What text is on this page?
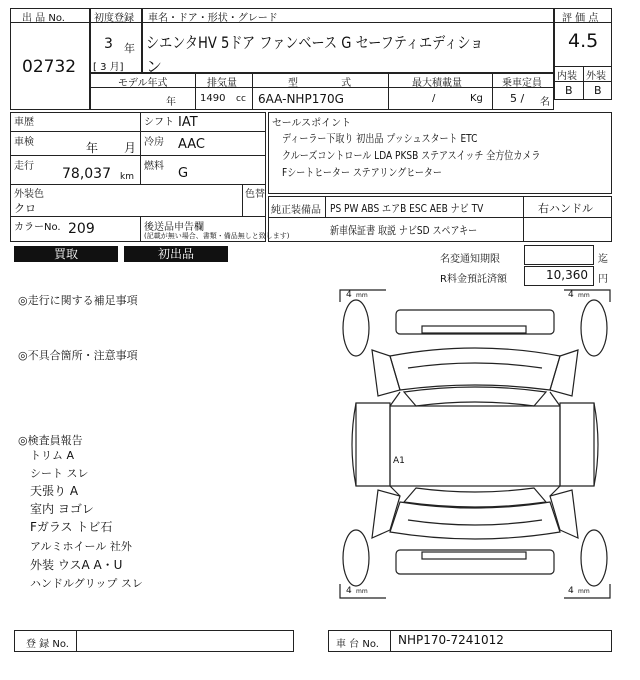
出 品 No.
02732
初度登録
3 年
[ 3 月]
車名・ドア・形状・グレード
シエンタHV 5ドア ファンベース G セーフティエディショ
ン
評 価 点
4.5
内装 外装
B B
モデル年式
年
排気量
1490 cc
型 式
6AA-NHP170G
最大積載量
/	Kg
乗車定員
5 / 名
車歴
車検	年 月
走行 78,037 km
シフト IAT
冷房 AAC
燃料 G
外装色
クロ
色替
カラーNo. 209	後送品申告欄
(記載が無い場合、書類・備品無しと致します)
セールスポイント
ディーラー下取り 初出品 プッシュスタート ETC
クルーズコントロール LDA PKSB ステアスイッチ 全方位カメラ
Fシートヒーター ステアリングヒーター
純正装備品 PS PW ABS エアB ESC AEB ナビ TV	右ハンドル
新車保証書 取説 ナビSD スペアキー
買取	初出品	名変通知期限	迄
R料金預託済額	10,360 円
◎走行に関する補足事項
◎不具合箇所・注意事項
◎検査員報告
トリム A
シート スレ
天張り A
室内 ヨゴレ
Fガラス トビ石
アルミホイール 社外
外装 ウスA A・U
ハンドルグリップ スレ
4 mm	4 mm
4 mm	4 mm
A1
登 録 No.	車 台 No. NHP170-7241012
